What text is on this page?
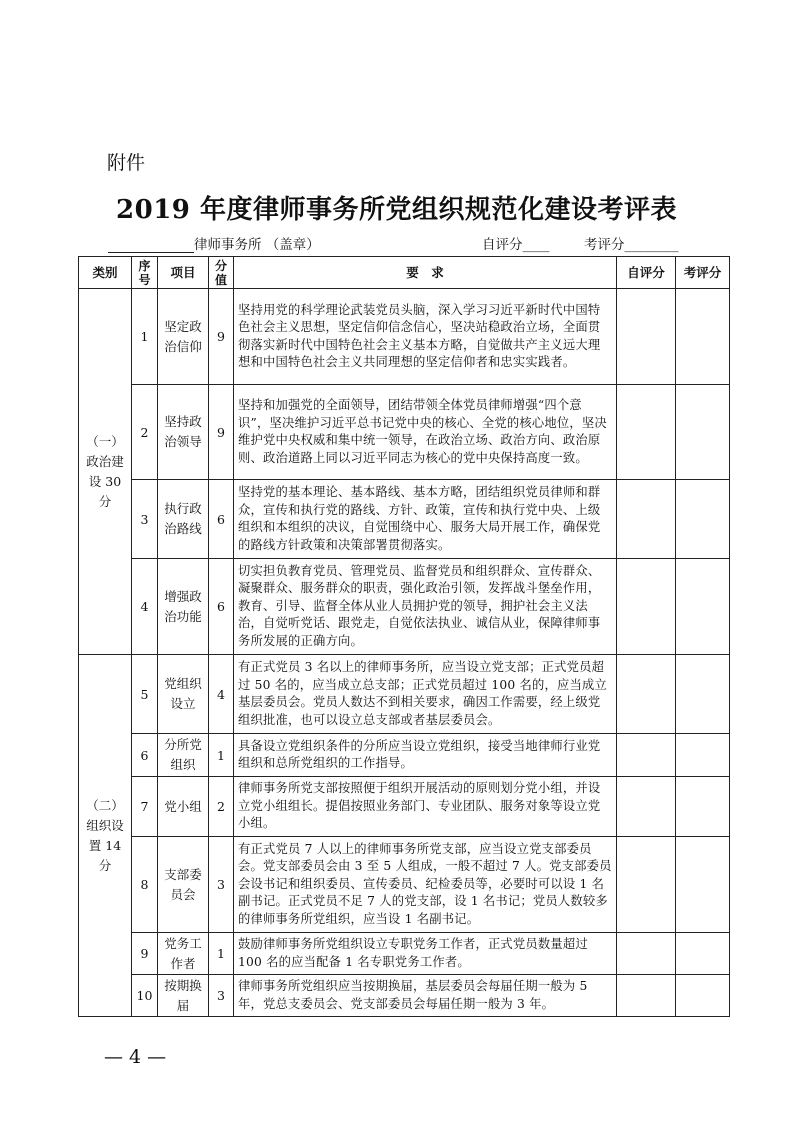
附件
2019 年度律师事务所党组织规范化建设考评表
律师事务所 （盖章）	自评分____	考评分________
类别	序号	项目	分值	要　求	自评分	考评分

（一）政治建设 30 分	1	坚定政治信仰	9	坚持用党的科学理论武装党员头脑，深入学习习近平新时代中国特色社会主义思想，坚定信仰信念信心，坚决站稳政治立场，全面贯彻落实新时代中国特色社会主义基本方略，自觉做共产主义远大理想和中国特色社会主义共同理想的坚定信仰者和忠实实践者。		
	2	坚持政治领导	9	坚持和加强党的全面领导，团结带领全体党员律师增强“四个意识”，坚决维护习近平总书记党中央的核心、全党的核心地位，坚决维护党中央权威和集中统一领导，在政治立场、政治方向、政治原则、政治道路上同以习近平同志为核心的党中央保持高度一致。		
	3	执行政治路线	6	坚持党的基本理论、基本路线、基本方略，团结组织党员律师和群众，宣传和执行党的路线、方针、政策，宣传和执行党中央、上级组织和本组织的决议，自觉围绕中心、服务大局开展工作，确保党的路线方针政策和决策部署贯彻落实。		
	4	增强政治功能	6	切实担负教育党员、管理党员、监督党员和组织群众、宣传群众、凝聚群众、服务群众的职责，强化政治引领，发挥战斗堡垒作用，教育、引导、监督全体从业人员拥护党的领导，拥护社会主义法治，自觉听党话、跟党走，自觉依法执业、诚信从业，保障律师事务所发展的正确方向。		

（二）组织设置 14 分	5	党组织设立	4	有正式党员 3 名以上的律师事务所，应当设立党支部；正式党员超过 50 名的，应当成立总支部；正式党员超过 100 名的，应当成立基层委员会。党员人数达不到相关要求，确因工作需要，经上级党组织批准，也可以设立总支部或者基层委员会。		
	6	分所党组织	1	具备设立党组织条件的分所应当设立党组织，接受当地律师行业党组织和总所党组织的工作指导。		
	7	党小组	2	律师事务所党支部按照便于组织开展活动的原则划分党小组，并设立党小组组长。提倡按照业务部门、专业团队、服务对象等设立党小组。		
	8	支部委员会	3	有正式党员 7 人以上的律师事务所党支部，应当设立党支部委员会。党支部委员会由 3 至 5 人组成，一般不超过 7 人。党支部委员会设书记和组织委员、宣传委员、纪检委员等，必要时可以设 1 名副书记。正式党员不足 7 人的党支部，设 1 名书记；党员人数较多的律师事务所党组织，应当设 1 名副书记。		
	9	党务工作者	1	鼓励律师事务所党组织设立专职党务工作者，正式党员数量超过 100 名的应当配备 1 名专职党务工作者。		
	10	按期换届	3	律师事务所党组织应当按期换届，基层委员会每届任期一般为 5 年，党总支委员会、党支部委员会每届任期一般为 3 年。		
— 4 —
